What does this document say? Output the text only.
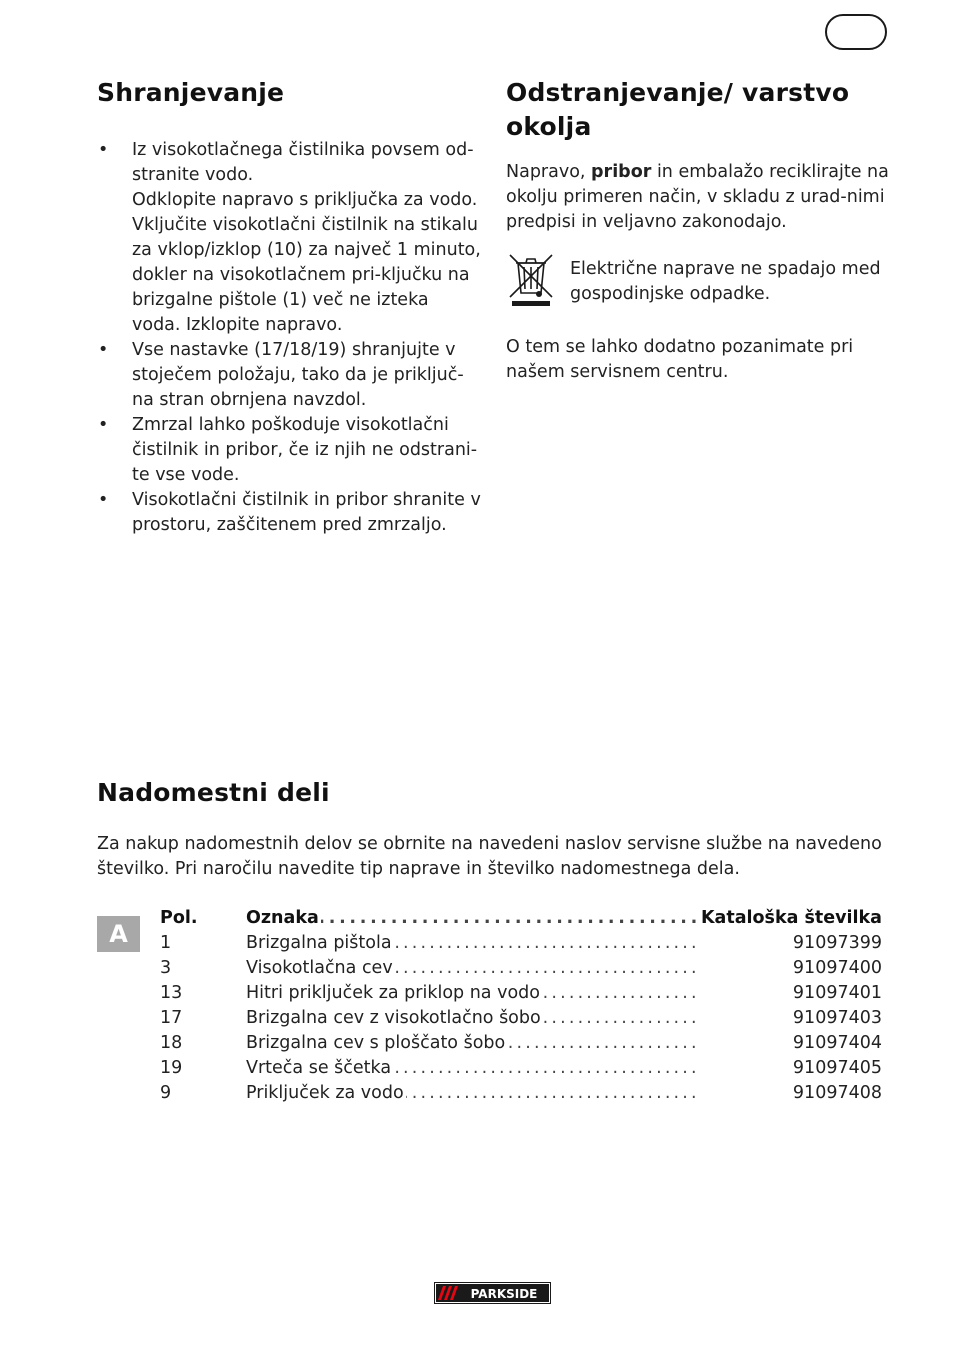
Shranjevanje
• Iz visokotlačnega čistilnika povsem od-stranite vodo.
Odklopite napravo s priključka za vodo. Vključite visokotlačni čistilnik na stikalu za vklop/izklop (10) za največ 1 minuto, dokler na visokotlačnem pri-ključku na brizgalne pištole (1) več ne izteka voda. Izklopite napravo.
• Vse nastavke (17/18/19) shranjujte v stoječem položaju, tako da je priključ-na stran obrnjena navzdol.
• Zmrzal lahko poškoduje visokotlačni čistilnik in pribor, če iz njih ne odstrani-te vse vode.
• Visokotlačni čistilnik in pribor shranite v prostoru, zaščitenem pred zmrzaljo.
Odstranjevanje/ varstvo okolja

Napravo, pribor in embalažo reciklirajte na okolju primeren način, v skladu z urad-nimi predpisi in veljavno zakonodajo.

Električne naprave ne spadajo med gospodinjske odpadke.

O tem se lahko dodatno pozanimate pri našem servisnem centru.

Nadomestni deli

Za nakup nadomestnih delov se obrnite na navedeni naslov servisne službe na navedeno številko. Pri naročilu navedite tip naprave in številko nadomestnega dela.

A
Pol.	Oznaka . . .	Kataloška številka
1	Brizgalna pištola . . .	91097399
3	Visokotlačna cev . . .	91097400
13	Hitri priključek za priklop na vodo . . .	91097401
17	Brizgalna cev z visokotlačno šobo . . .	91097403
18	Brizgalna cev s ploščato šobo . . .	91097404
19	Vrteča se ščetka . . .	91097405
9	Priključek za vodo . . .	91097408
PARKSIDE
